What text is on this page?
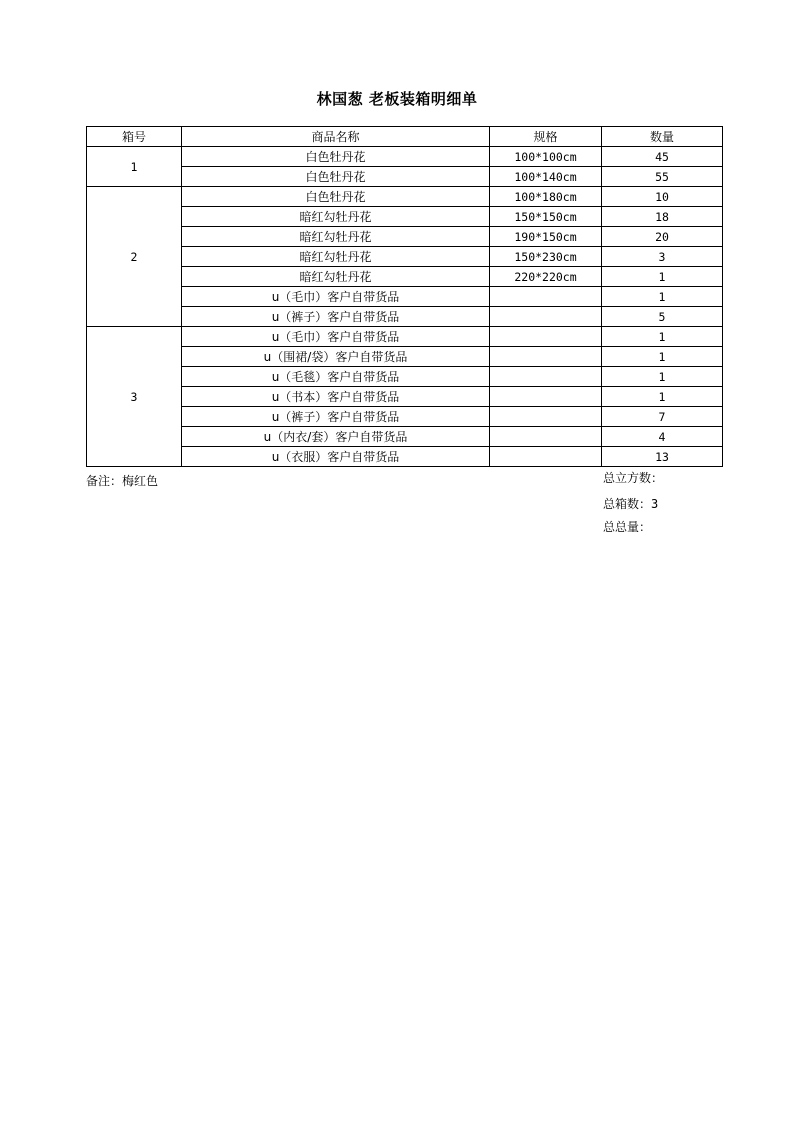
林国葱 老板装箱明细单
箱号	商品名称	规格	数量
1	白色牡丹花	100*100cm	45
	白色牡丹花	100*140cm	55
2	白色牡丹花	100*180cm	10
	暗红勾牡丹花	150*150cm	18
	暗红勾牡丹花	190*150cm	20
	暗红勾牡丹花	150*230cm	3
	暗红勾牡丹花	220*220cm	1
	u（毛巾）客户自带货品		1
	u（裤子）客户自带货品		5
3	u（毛巾）客户自带货品		1
	u（围裙/袋）客户自带货品		1
	u（毛毯）客户自带货品		1
	u（书本）客户自带货品		1
	u（裤子）客户自带货品		7
	u（内衣/套）客户自带货品		4
	u（衣服）客户自带货品		13
备注：梅红色	总立方数：
总箱数：3
总总量：
